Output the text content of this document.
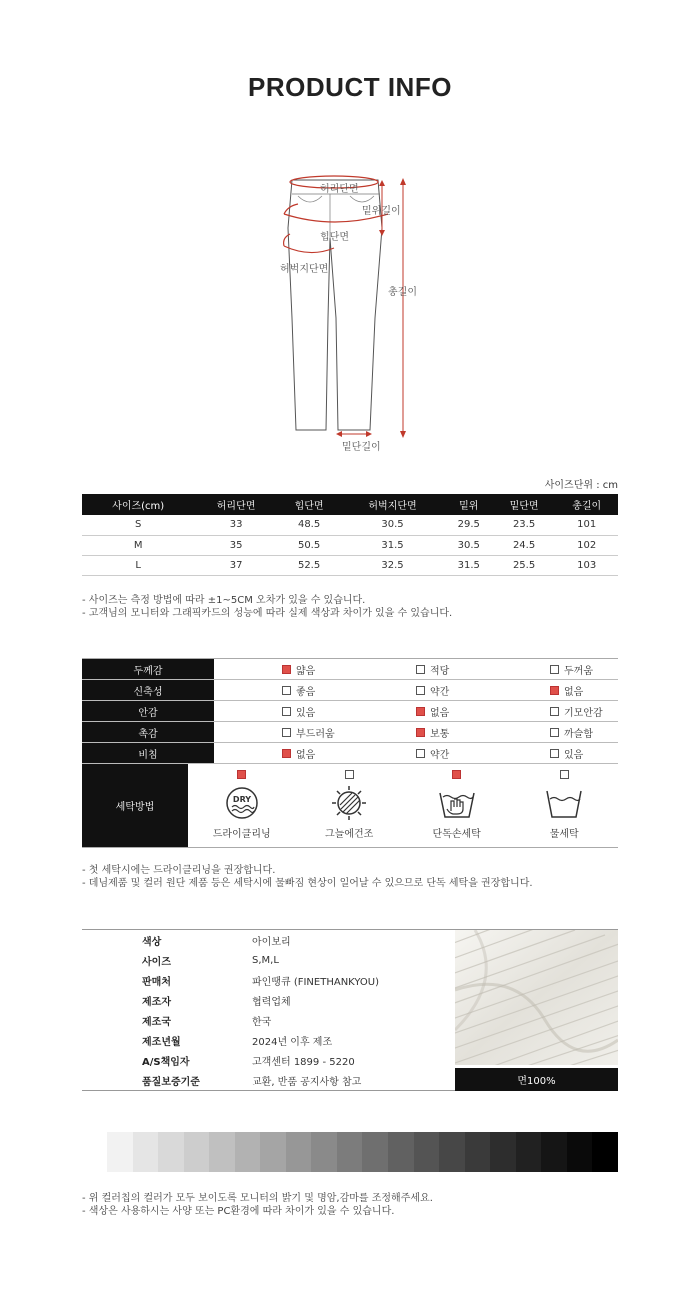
PRODUCT INFO
허리단면
밑위길이
힙단면
허벅지단면
총길이
밑단길이
사이즈단위 : cm
사이즈(cm)	허리단면	힙단면	허벅지단면	밑위	밑단면	총길이
S	33	48.5	30.5	29.5	23.5	101
M	35	50.5	31.5	30.5	24.5	102
L	37	52.5	32.5	31.5	25.5	103
- 사이즈는 측정 방법에 따라 ±1~5CM 오차가 있을 수 있습니다.
- 고객님의 모니터와 그래픽카드의 성능에 따라 실제 색상과 차이가 있을 수 있습니다.
두께감	얇음	적당	두꺼움
신축성	좋음	약간	없음
안감	있음	없음	기모안감
촉감	부드러움	보통	까슬함
비침	없음	약간	있음
세탁방법
DRY
드라이클리닝	그늘에건조	단독손세탁	물세탁
- 첫 세탁시에는 드라이클리닝을 권장합니다.
- 데님제품 및 컬러 원단 제품 등은 세탁시에 물빠짐 현상이 일어날 수 있으므로 단독 세탁을 권장합니다.
색상	아이보리
사이즈	S,M,L
판매처	파인땡큐 (FINETHANKYOU)
제조자	협력업체
제조국	한국
제조년월	2024년 이후 제조
A/S책임자	고객센터 1899 - 5220
품질보증기준	교환, 반품 공지사항 참고	면100%
- 위 컬러칩의 컬러가 모두 보이도록 모니터의 밝기 및 명암,감마를 조정해주세요.
- 색상은 사용하시는 사양 또는 PC환경에 따라 차이가 있을 수 있습니다.
